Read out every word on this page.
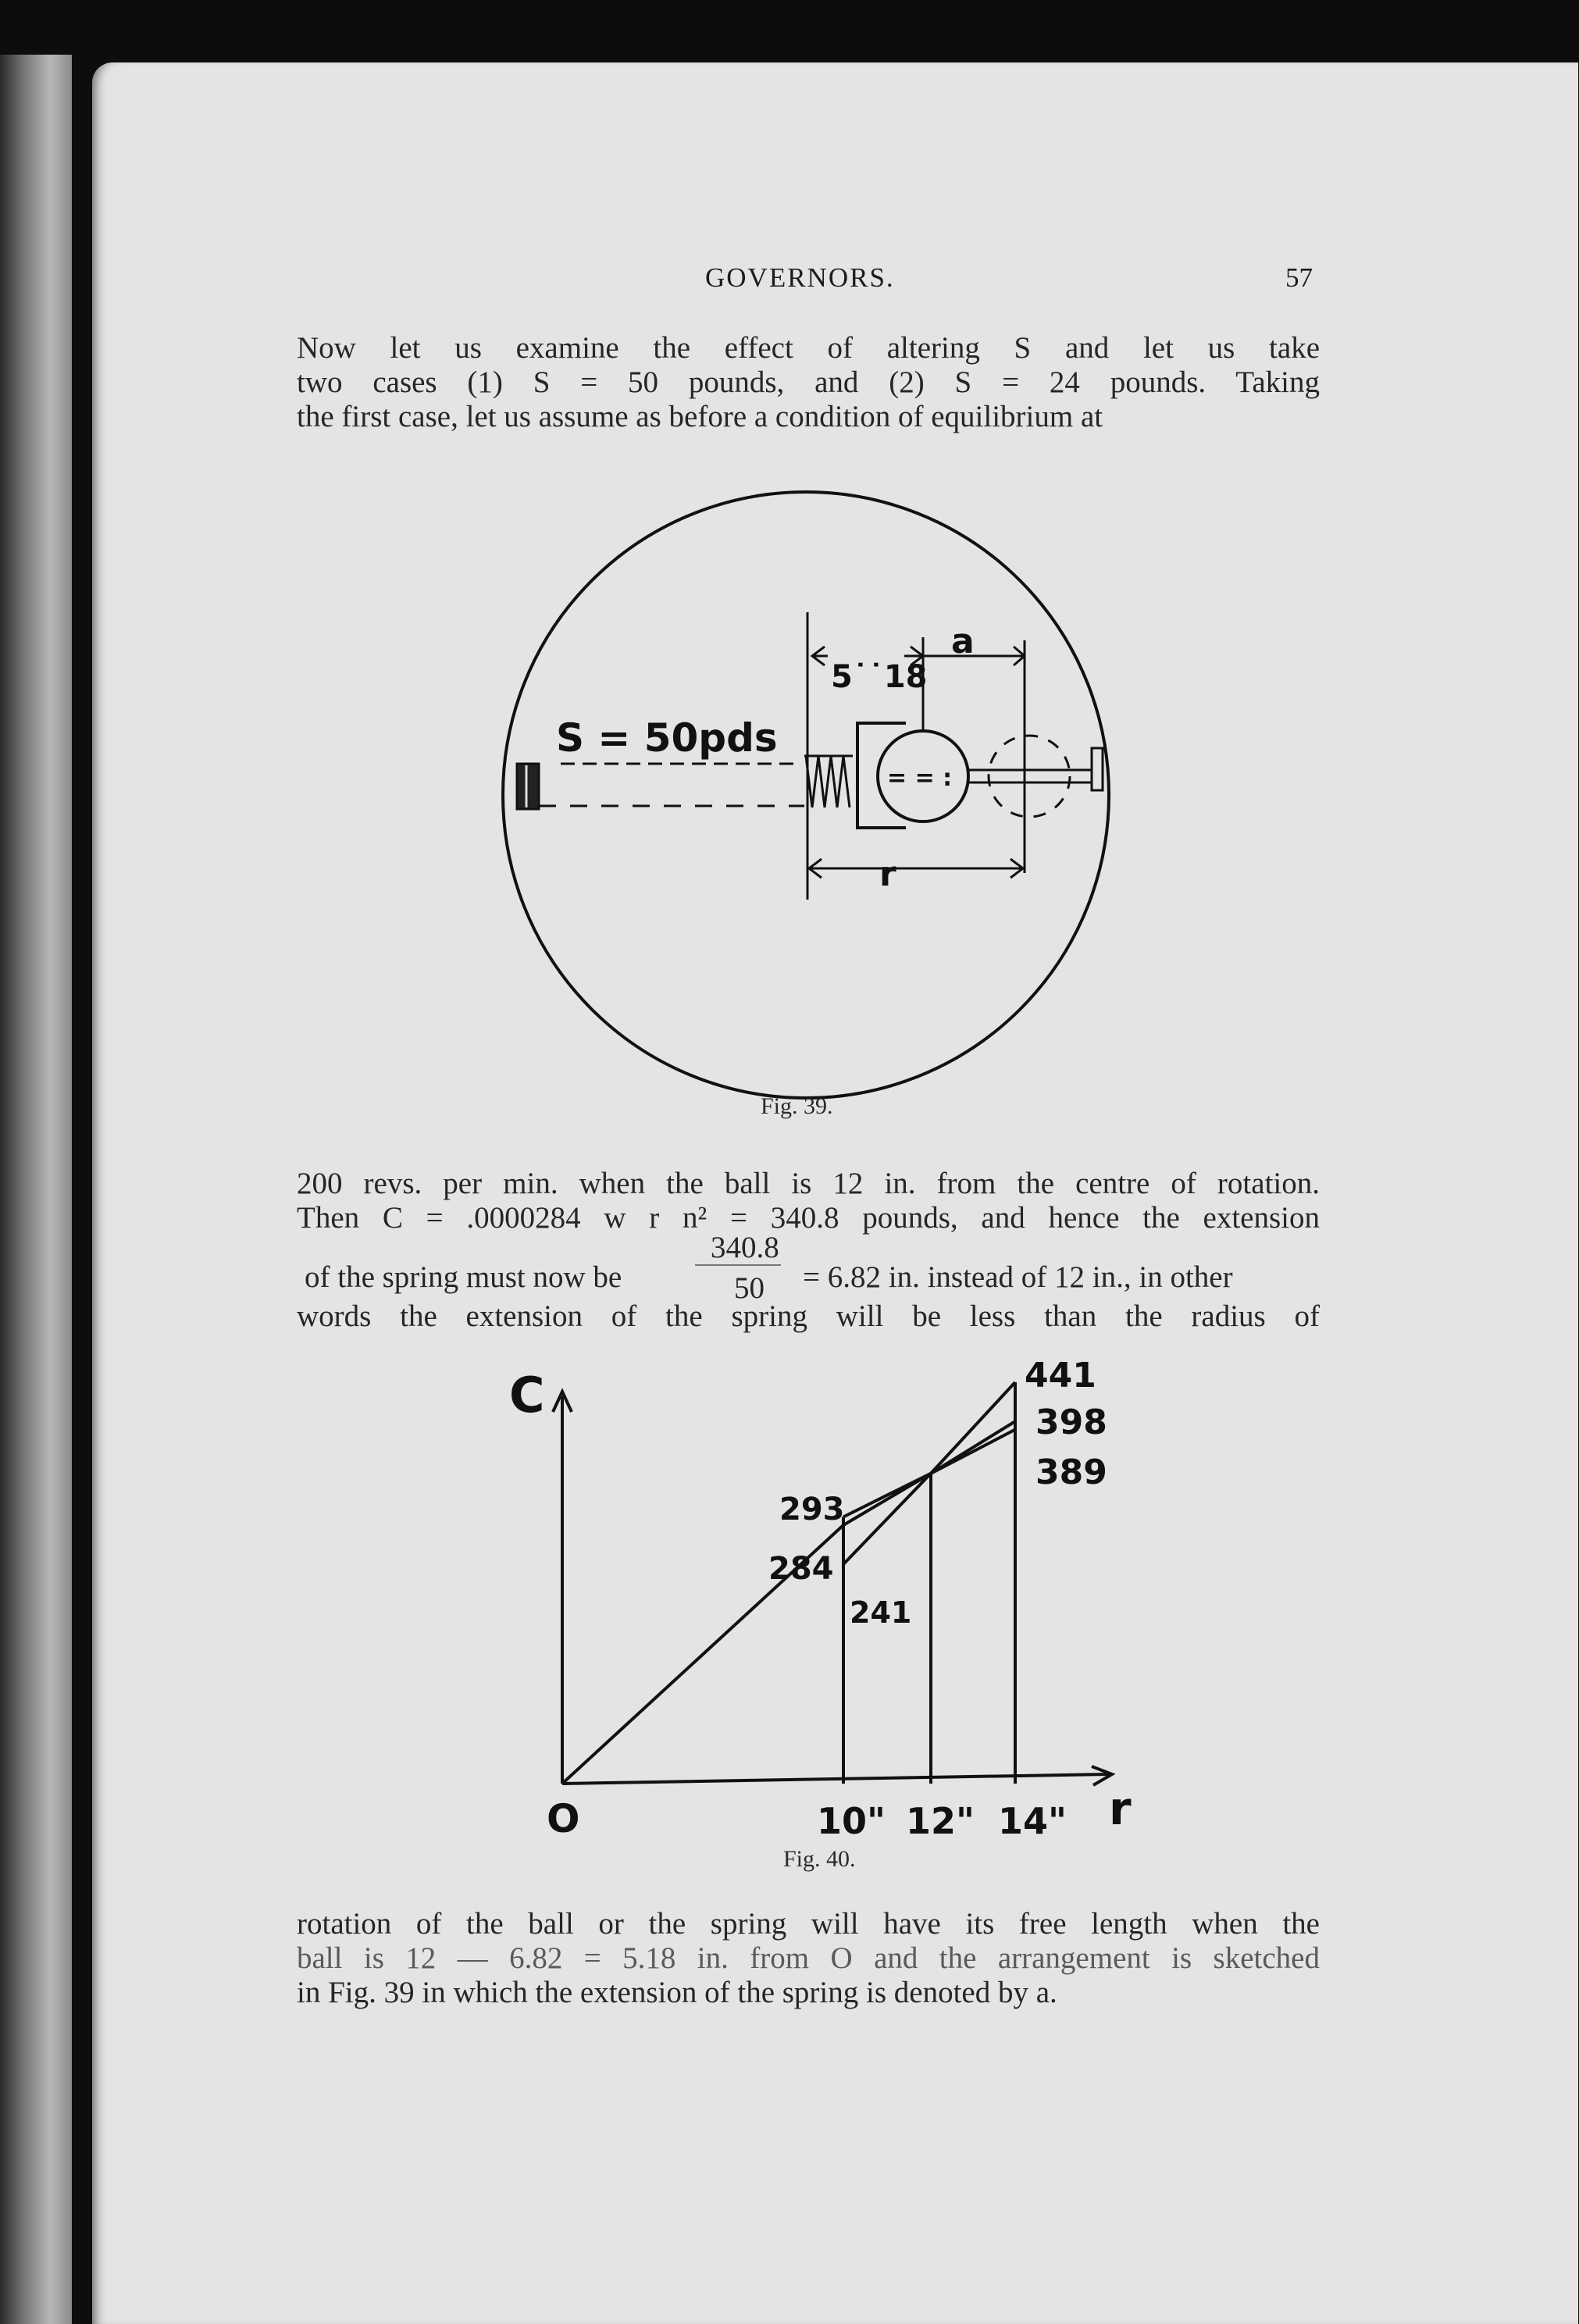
GOVERNORS.	57

Now let us examine the effect of altering S and let us take
two cases (1) S = 50 pounds, and (2) S = 24 pounds. Taking
the first case, let us assume as before a condition of equilibrium at

= = :
S = 50pds
5˙˙18
a
r
Fig. 39.

200 revs. per min. when the ball is 12 in. from the centre of rotation.
Then C = .0000284 w r n² = 340.8 pounds, and hence the extension

of the spring must now be
340.8
50 = 6.82 in. instead of 12 in., in other

words the extension of the spring will be less than the radius of

C
r
O	10" 12" 14"
441
398
389
293
284
241
Fig. 40.

rotation of the ball or the spring will have its free length when the
ball is 12 — 6.82 = 5.18 in. from O and the arrangement is sketched
in Fig. 39 in which the extension of the spring is denoted by a.
